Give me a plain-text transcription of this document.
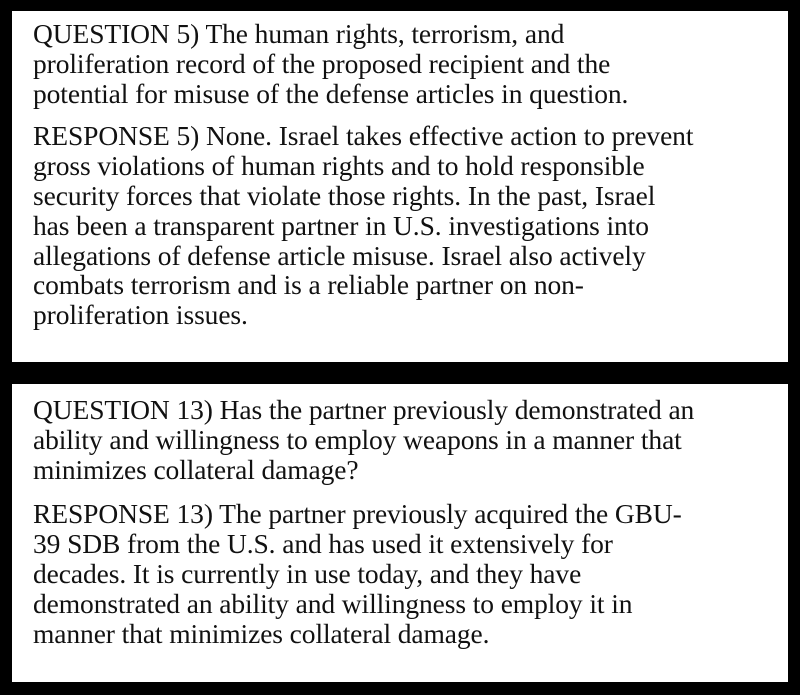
QUESTION 5) The human rights, terrorism, and
proliferation record of the proposed recipient and the
potential for misuse of the defense articles in question.

RESPONSE 5) None. Israel takes effective action to prevent
gross violations of human rights and to hold responsible
security forces that violate those rights. In the past, Israel
has been a transparent partner in U.S. investigations into
allegations of defense article misuse. Israel also actively
combats terrorism and is a reliable partner on non-
proliferation issues.

QUESTION 13) Has the partner previously demonstrated an
ability and willingness to employ weapons in a manner that
minimizes collateral damage?

RESPONSE 13) The partner previously acquired the GBU-
39 SDB from the U.S. and has used it extensively for
decades. It is currently in use today, and they have
demonstrated an ability and willingness to employ it in
manner that minimizes collateral damage.
